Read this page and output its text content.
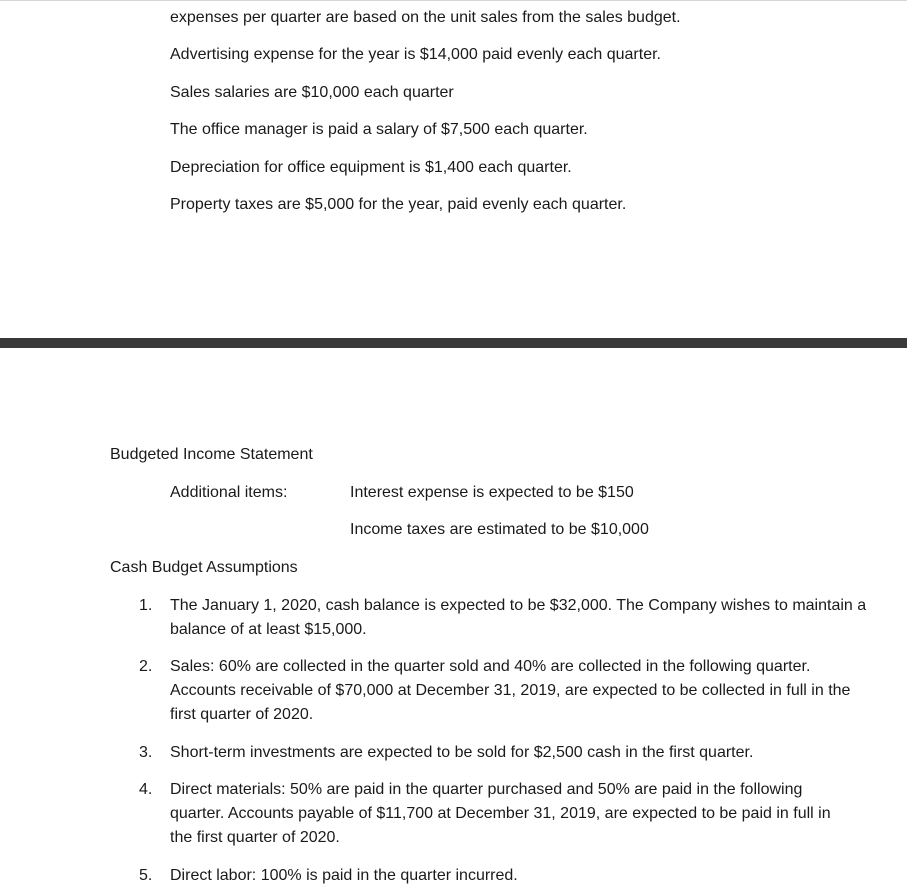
expenses per quarter are based on the unit sales from the sales budget.
Advertising expense for the year is $14,000 paid evenly each quarter.
Sales salaries are $10,000 each quarter
The office manager is paid a salary of $7,500 each quarter.
Depreciation for office equipment is $1,400 each quarter.
Property taxes are $5,000 for the year, paid evenly each quarter.
Budgeted Income Statement
Additional items:	Interest expense is expected to be $150
Income taxes are estimated to be $10,000
Cash Budget Assumptions
1. The January 1, 2020, cash balance is expected to be $32,000. The Company wishes to maintain a
balance of at least $15,000.
2. Sales: 60% are collected in the quarter sold and 40% are collected in the following quarter.
Accounts receivable of $70,000 at December 31, 2019, are expected to be collected in full in the
first quarter of 2020.
3. Short-term investments are expected to be sold for $2,500 cash in the first quarter.
4. Direct materials: 50% are paid in the quarter purchased and 50% are paid in the following
quarter. Accounts payable of $11,700 at December 31, 2019, are expected to be paid in full in
the first quarter of 2020.
5. Direct labor: 100% is paid in the quarter incurred.
